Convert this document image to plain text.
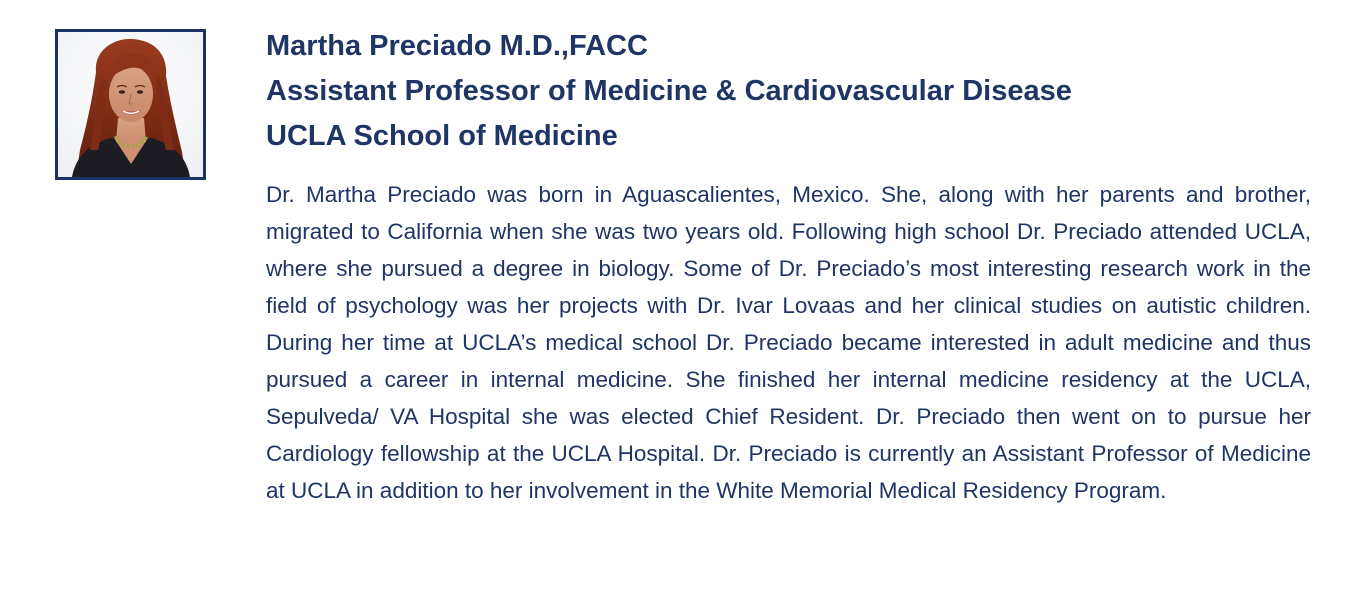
Martha Preciado M.D.,FACC
Assistant Professor of Medicine & Cardiovascular Disease
UCLA School of Medicine

Dr. Martha Preciado was born in Aguascalientes, Mexico. She, along with her parents and brother, migrated to California when she was two years old. Following high school Dr. Preciado attended UCLA, where she pursued a degree in biology. Some of Dr. Preciado’s most interesting research work in the field of psychology was her projects with Dr. Ivar Lovaas and her clinical studies on autistic children. During her time at UCLA’s medical school Dr. Preciado became interested in adult medicine and thus pursued a career in internal medicine. She finished her internal medicine residency at the UCLA, Sepulveda/ VA Hospital she was elected Chief Resident. Dr. Preciado then went on to pursue her Cardiology fellowship at the UCLA Hospital. Dr. Preciado is currently an Assistant Professor of Medicine at UCLA in addition to her involvement in the White Memorial Medical Residency Program.
